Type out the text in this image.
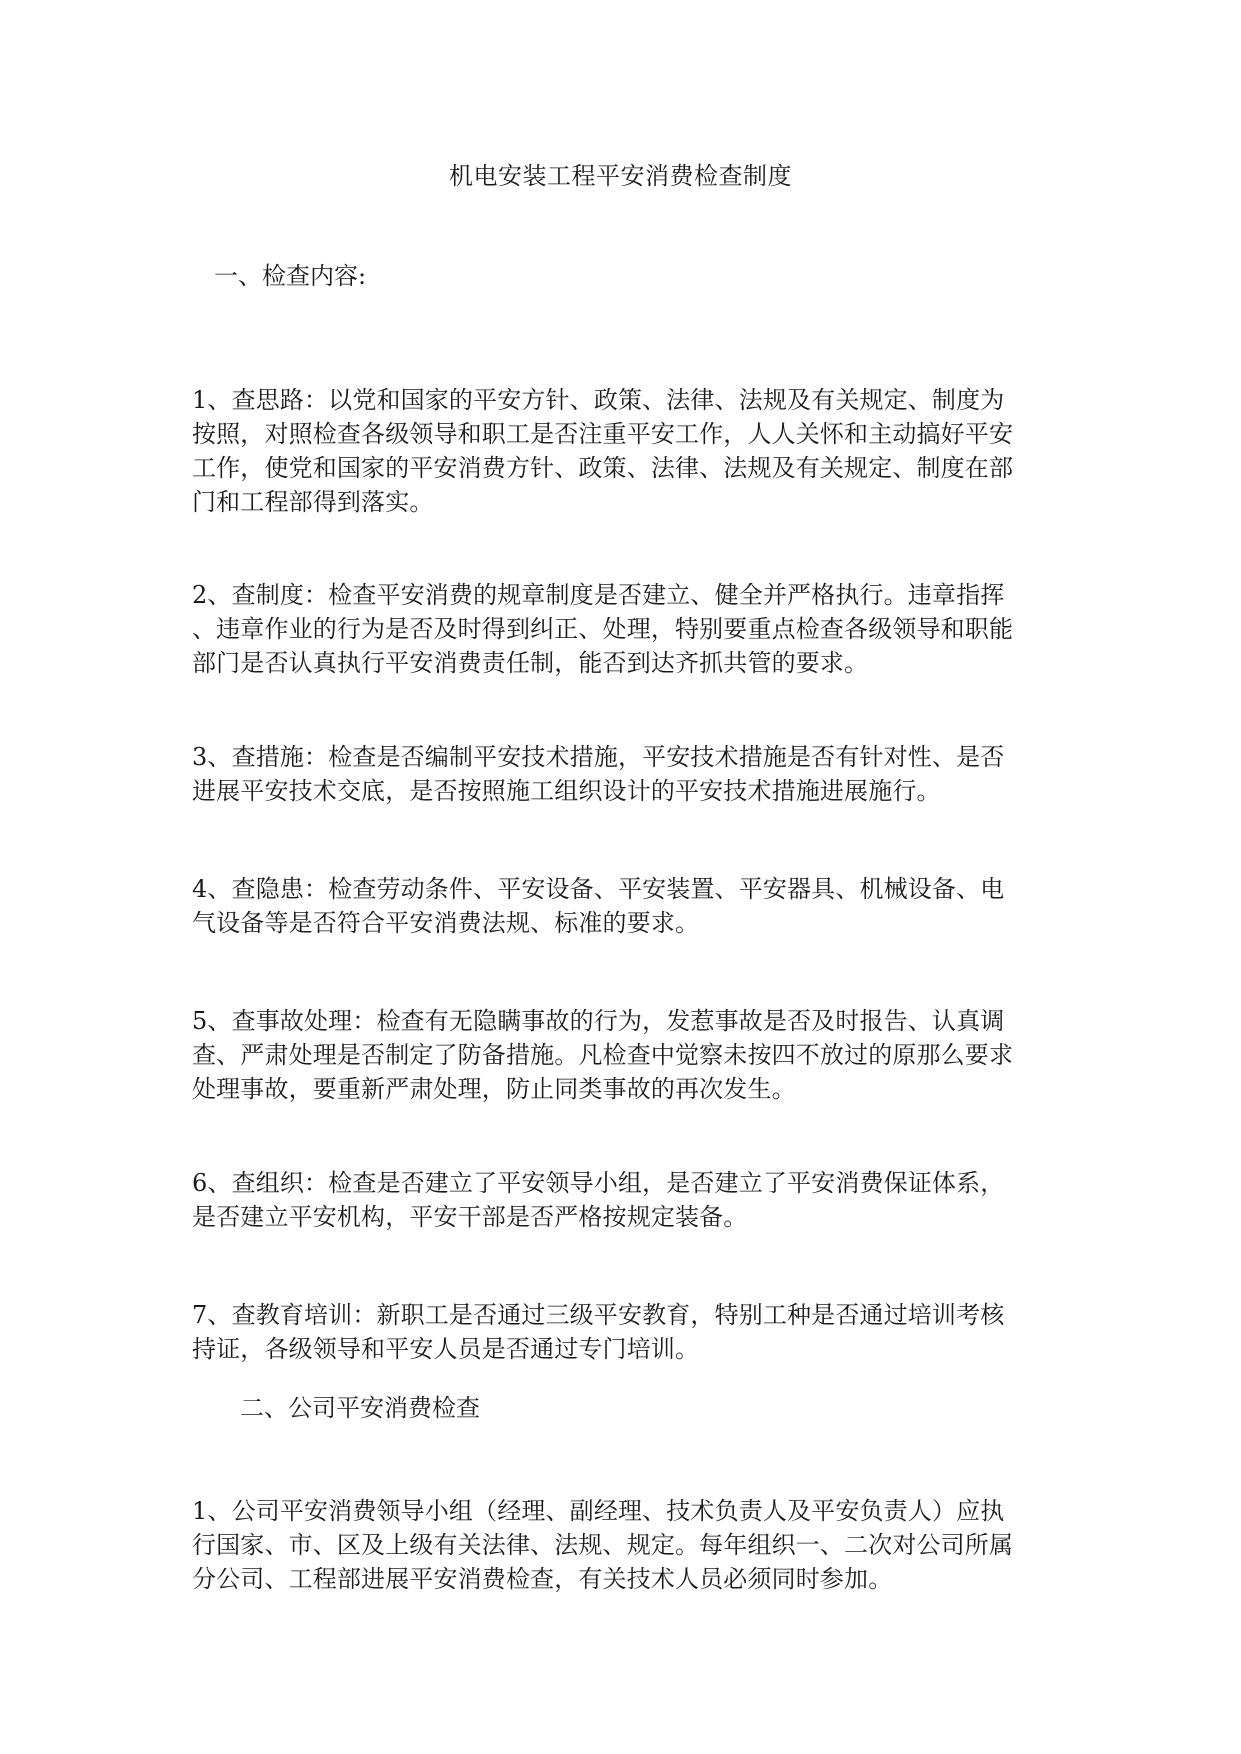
机电安装工程平安消费检查制度
一、检查内容:
1、查思路：以党和国家的平安方针、政策、法律、法规及有关规定、制度为
按照，对照检查各级领导和职工是否注重平安工作，人人关怀和主动搞好平安
工作，使党和国家的平安消费方针、政策、法律、法规及有关规定、制度在部
门和工程部得到落实。
2、查制度：检查平安消费的规章制度是否建立、健全并严格执行。违章指挥
、违章作业的行为是否及时得到纠正、处理，特别要重点检查各级领导和职能
部门是否认真执行平安消费责任制，能否到达齐抓共管的要求。
3、查措施：检查是否编制平安技术措施，平安技术措施是否有针对性、是否
进展平安技术交底，是否按照施工组织设计的平安技术措施进展施行。
4、查隐患：检查劳动条件、平安设备、平安装置、平安器具、机械设备、电
气设备等是否符合平安消费法规、标准的要求。
5、查事故处理：检查有无隐瞒事故的行为，发惹事故是否及时报告、认真调
查、严肃处理是否制定了防备措施。凡检查中觉察未按四不放过的原那么要求
处理事故，要重新严肃处理，防止同类事故的再次发生。
6、查组织：检查是否建立了平安领导小组，是否建立了平安消费保证体系，
是否建立平安机构，平安干部是否严格按规定装备。
7、查教育培训：新职工是否通过三级平安教育，特别工种是否通过培训考核
持证，各级领导和平安人员是否通过专门培训。
二、公司平安消费检查
1、公司平安消费领导小组（经理、副经理、技术负责人及平安负责人）应执
行国家、市、区及上级有关法律、法规、规定。每年组织一、二次对公司所属
分公司、工程部进展平安消费检查，有关技术人员必须同时参加。
